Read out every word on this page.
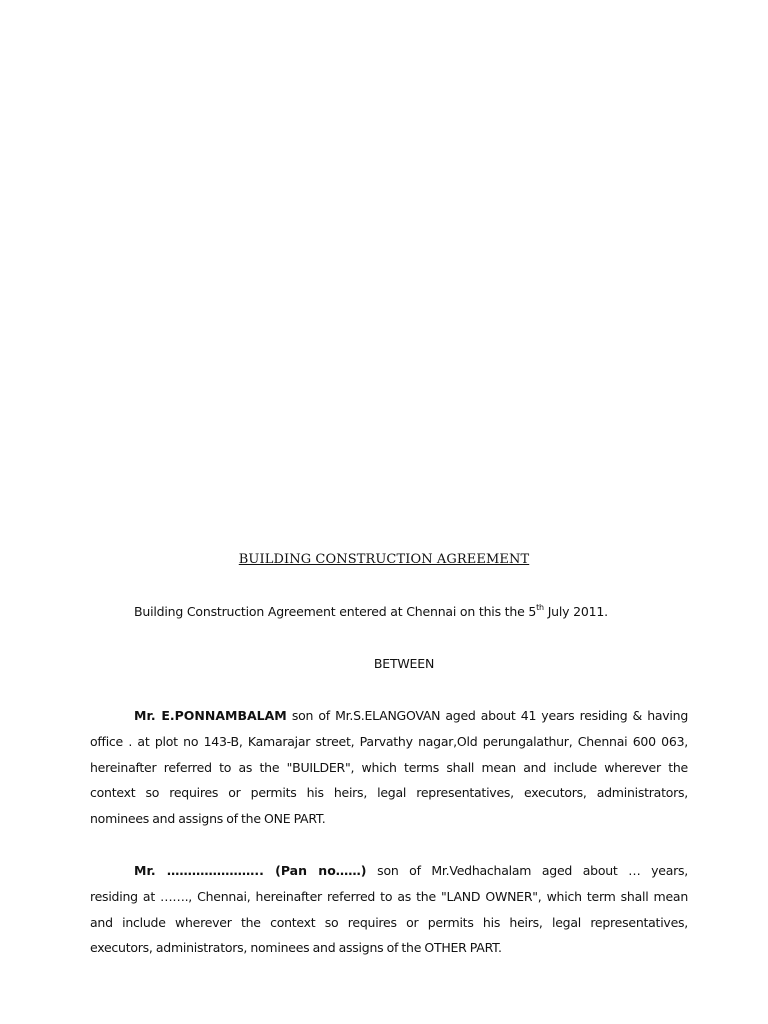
BUILDING CONSTRUCTION AGREEMENT
Building Construction Agreement entered at Chennai on this the 5th July 2011.
BETWEEN
Mr. E.PONNAMBALAM son of Mr.S.ELANGOVAN aged about 41 years residing & having
office . at plot no 143-B, Kamarajar street, Parvathy nagar,Old perungalathur, Chennai 600 063,
hereinafter referred to as the "BUILDER", which terms shall mean and include wherever the
context so requires or permits his heirs, legal representatives, executors, administrators,
nominees and assigns of the ONE PART.
Mr. ………………….. (Pan no……) son of Mr.Vedhachalam aged about … years,
residing at ……., Chennai, hereinafter referred to as the "LAND OWNER", which term shall mean
and include wherever the context so requires or permits his heirs, legal representatives,
executors, administrators, nominees and assigns of the OTHER PART.
